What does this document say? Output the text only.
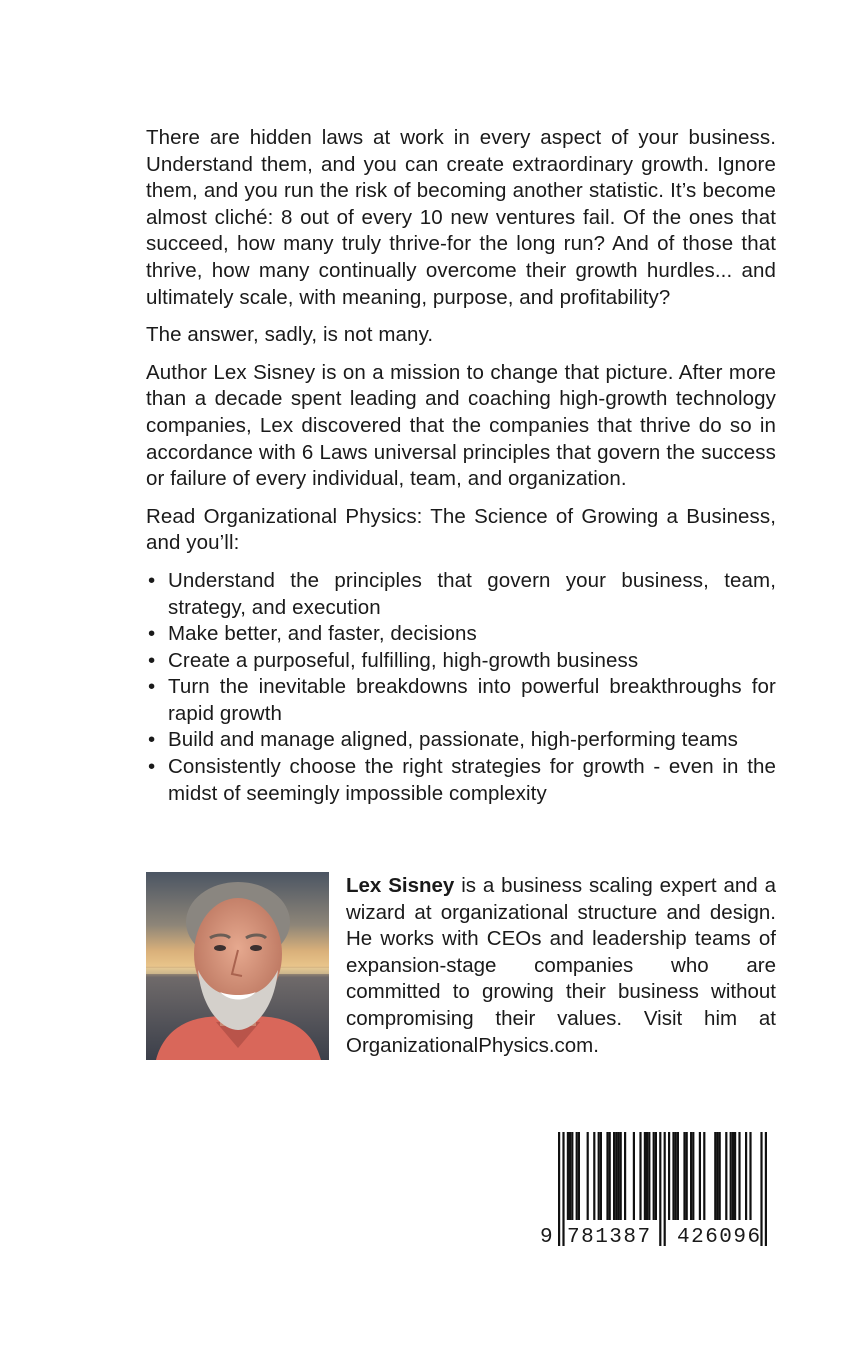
There are hidden laws at work in every aspect of your business. Understand them, and you can create extraordinary growth. Ignore them, and you run the risk of becoming another statistic. It’s become almost cliché: 8 out of every 10 new ventures fail. Of the ones that succeed, how many truly thrive-for the long run? And of those that thrive, how many continually overcome their growth hurdles... and ultimately scale, with meaning, purpose, and profitability?

The answer, sadly, is not many.

Author Lex Sisney is on a mission to change that picture. After more than a decade spent leading and coaching high-growth technology companies, Lex discovered that the companies that thrive do so in accordance with 6 Laws universal principles that govern the success or failure of every individual, team, and organization.

Read Organizational Physics: The Science of Growing a Business, and you’ll:

• Understand the principles that govern your business, team, strategy, and execution
• Make better, and faster, decisions
• Create a purposeful, fulfilling, high-growth business
• Turn the inevitable breakdowns into powerful breakthroughs for rapid growth
• Build and manage aligned, passionate, high-performing teams
• Consistently choose the right strategies for growth - even in the midst of seemingly impossible complexity

Lex Sisney is a business scaling expert and a wizard at organizational structure and design. He works with CEOs and leadership teams of expansion-stage companies who are committed to growing their business without compromising their values. Visit him at OrganizationalPhysics.com.

9 781387 426096
